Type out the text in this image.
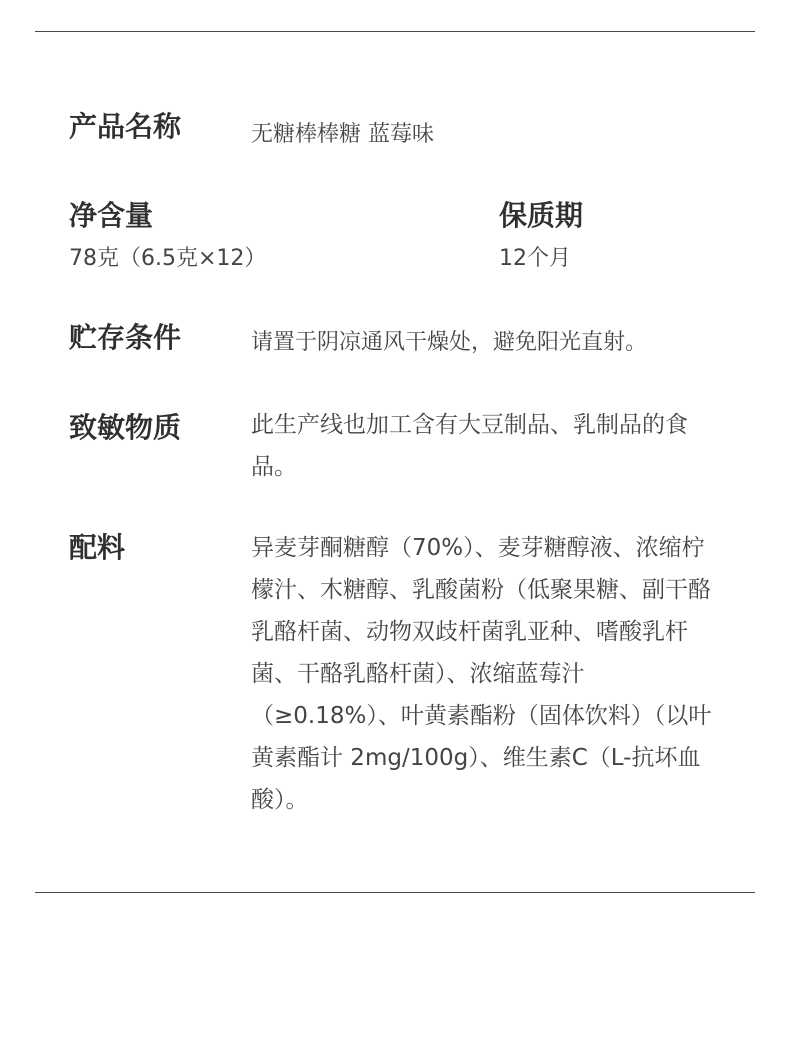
产品名称	无糖棒棒糖 蓝莓味
净含量
78克（6.5克×12）
保质期
12个月
贮存条件	请置于阴凉通风干燥处，避免阳光直射。
致敏物质	此生产线也加工含有大豆制品、乳制品的食品。
配料	异麦芽酮糖醇（70%）、麦芽糖醇液、浓缩柠檬汁、木糖醇、乳酸菌粉（低聚果糖、副干酪乳酪杆菌、动物双歧杆菌乳亚种、嗜酸乳杆菌、干酪乳酪杆菌）、浓缩蓝莓汁（≥0.18%）、叶黄素酯粉（固体饮料）（以叶黄素酯计 2mg/100g）、维生素C（L-抗坏血酸）。
